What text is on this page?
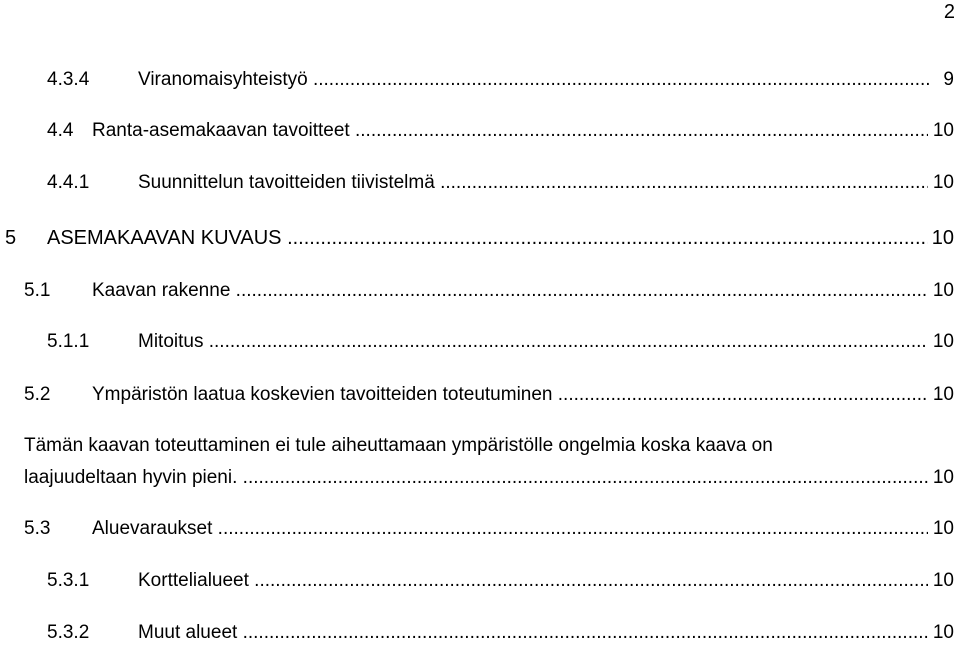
2
4.3.4	Viranomaisyhteistyö .....	9
4.4 Ranta-asemakaavan tavoitteet .....	10
4.4.1	Suunnittelun tavoitteiden tiivistelmä .....	10
5 ASEMAKAAVAN KUVAUS .....	10
5.1 Kaavan rakenne .....	10
5.1.1	Mitoitus .....	10
5.2 Ympäristön laatua koskevien tavoitteiden toteutuminen .....	10
Tämän kaavan toteuttaminen ei tule aiheuttamaan ympäristölle ongelmia koska kaava on
laajuudeltaan hyvin pieni. .....	10
5.3 Aluevaraukset .....	10
5.3.1	Korttelialueet .....	10
5.3.2	Muut alueet .....	10
